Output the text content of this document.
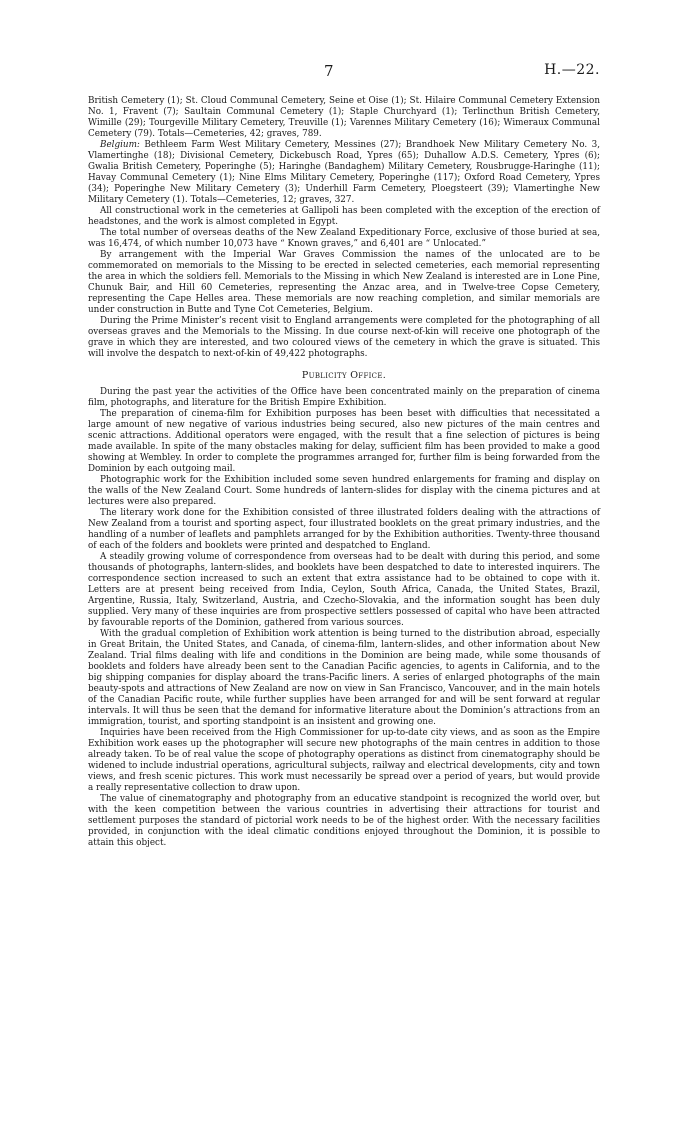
7	H.—22.

British Cemetery (1); St. Cloud Communal Cemetery, Seine et Oise (1); St. Hilaire Communal Cemetery Extension No. 1, Fravent (7); Saultain Communal Cemetery (1); Staple Churchyard (1); Terlincthun British Cemetery, Wimille (29); Tourgeville Military Cemetery, Treuville (1); Varennes Military Cemetery (16); Wimeraux Communal Cemetery (79). Totals—Cemeteries, 42; graves, 789.

Belgium: Bethleem Farm West Military Cemetery, Messines (27); Brandhoek New Military Cemetery No. 3, Vlamertinghe (18); Divisional Cemetery, Dickebusch Road, Ypres (65); Duhallow A.D.S. Cemetery, Ypres (6); Gwalia British Cemetery, Poperinghe (5); Haringhe (Bandaghem) Military Cemetery, Rousbrugge-Haringhe (11); Havay Communal Cemetery (1); Nine Elms Military Cemetery, Poperinghe (117); Oxford Road Cemetery, Ypres (34); Poperinghe New Military Cemetery (3); Underhill Farm Cemetery, Ploegsteert (39); Vlamertinghe New Military Cemetery (1). Totals—Cemeteries, 12; graves, 327.

All constructional work in the cemeteries at Gallipoli has been completed with the exception of the erection of headstones, and the work is almost completed in Egypt.

The total number of overseas deaths of the New Zealand Expeditionary Force, exclusive of those buried at sea, was 16,474, of which number 10,073 have “ Known graves,” and 6,401 are “ Unlocated.”

By arrangement with the Imperial War Graves Commission the names of the unlocated are to be commemorated on memorials to the Missing to be erected in selected cemeteries, each memorial representing the area in which the soldiers fell. Memorials to the Missing in which New Zealand is interested are in Lone Pine, Chunuk Bair, and Hill 60 Cemeteries, representing the Anzac area, and in Twelve-tree Copse Cemetery, representing the Cape Helles area. These memorials are now reaching completion, and similar memorials are under construction in Butte and Tyne Cot Cemeteries, Belgium.

During the Prime Minister’s recent visit to England arrangements were completed for the photographing of all overseas graves and the Memorials to the Missing. In due course next-of-kin will receive one photograph of the grave in which they are interested, and two coloured views of the cemetery in which the grave is situated. This will involve the despatch to next-of-kin of 49,422 photographs.

Publicity Office.

During the past year the activities of the Office have been concentrated mainly on the preparation of cinema film, photographs, and literature for the British Empire Exhibition.

The preparation of cinema-film for Exhibition purposes has been beset with difficulties that necessitated a large amount of new negative of various industries being secured, also new pictures of the main centres and scenic attractions. Additional operators were engaged, with the result that a fine selection of pictures is being made available. In spite of the many obstacles making for delay, sufficient film has been provided to make a good showing at Wembley. In order to complete the programmes arranged for, further film is being forwarded from the Dominion by each outgoing mail.

Photographic work for the Exhibition included some seven hundred enlargements for framing and display on the walls of the New Zealand Court. Some hundreds of lantern-slides for display with the cinema pictures and at lectures were also prepared.

The literary work done for the Exhibition consisted of three illustrated folders dealing with the attractions of New Zealand from a tourist and sporting aspect, four illustrated booklets on the great primary industries, and the handling of a number of leaflets and pamphlets arranged for by the Exhibition authorities. Twenty-three thousand of each of the folders and booklets were printed and despatched to England.

A steadily growing volume of correspondence from overseas had to be dealt with during this period, and some thousands of photographs, lantern-slides, and booklets have been despatched to date to interested inquirers. The correspondence section increased to such an extent that extra assistance had to be obtained to cope with it. Letters are at present being received from India, Ceylon, South Africa, Canada, the United States, Brazil, Argentine, Russia, Italy, Switzerland, Austria, and Czecho-Slovakia, and the information sought has been duly supplied. Very many of these inquiries are from prospective settlers possessed of capital who have been attracted by favourable reports of the Dominion, gathered from various sources.

With the gradual completion of Exhibition work attention is being turned to the distribution abroad, especially in Great Britain, the United States, and Canada, of cinema-film, lantern-slides, and other information about New Zealand. Trial films dealing with life and conditions in the Dominion are being made, while some thousands of booklets and folders have already been sent to the Canadian Pacific agencies, to agents in California, and to the big shipping companies for display aboard the trans-Pacific liners. A series of enlarged photographs of the main beauty-spots and attractions of New Zealand are now on view in San Francisco, Vancouver, and in the main hotels of the Canadian Pacific route, while further supplies have been arranged for and will be sent forward at regular intervals. It will thus be seen that the demand for informative literature about the Dominion’s attractions from an immigration, tourist, and sporting standpoint is an insistent and growing one.

Inquiries have been received from the High Commissioner for up-to-date city views, and as soon as the Empire Exhibition work eases up the photographer will secure new photographs of the main centres in addition to those already taken. To be of real value the scope of photography operations as distinct from cinematography should be widened to include industrial operations, agricultural subjects, railway and electrical developments, city and town views, and fresh scenic pictures. This work must necessarily be spread over a period of years, but would provide a really representative collection to draw upon.

The value of cinematography and photography from an educative standpoint is recognized the world over, but with the keen competition between the various countries in advertising their attractions for tourist and settlement purposes the standard of pictorial work needs to be of the highest order. With the necessary facilities provided, in conjunction with the ideal climatic conditions enjoyed throughout the Dominion, it is possible to attain this object.
